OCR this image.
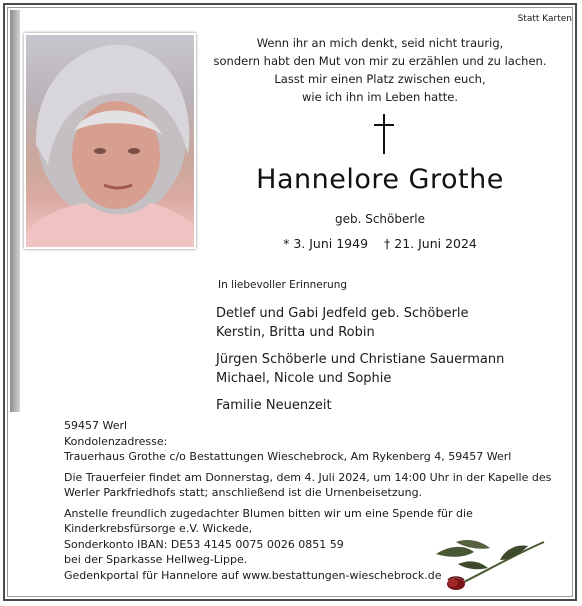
Statt Karten
Wenn ihr an mich denkt, seid nicht traurig,
sondern habt den Mut von mir zu erzählen und zu lachen.
Lasst mir einen Platz zwischen euch,
wie ich ihn im Leben hatte.
Hannelore Grothe
geb. Schöberle
* 3. Juni 1949 † 21. Juni 2024
In liebevoller Erinnerung
Detlef und Gabi Jedfeld geb. Schöberle
Kerstin, Britta und Robin
Jürgen Schöberle und Christiane Sauermann
Michael, Nicole und Sophie
Familie Neuenzeit
59457 Werl
Kondolenzadresse:
Trauerhaus Grothe c/o Bestattungen Wieschebrock, Am Rykenberg 4, 59457 Werl
Die Trauerfeier findet am Donnerstag, dem 4. Juli 2024, um 14:00 Uhr in der Kapelle des
Werler Parkfriedhofs statt; anschließend ist die Urnenbeisetzung.
Anstelle freundlich zugedachter Blumen bitten wir um eine Spende für die
Kinderkrebsfürsorge e.V. Wickede,
Sonderkonto IBAN: DE53 4145 0075 0026 0851 59
bei der Sparkasse Hellweg-Lippe.
Gedenkportal für Hannelore auf www.bestattungen-wieschebrock.de
